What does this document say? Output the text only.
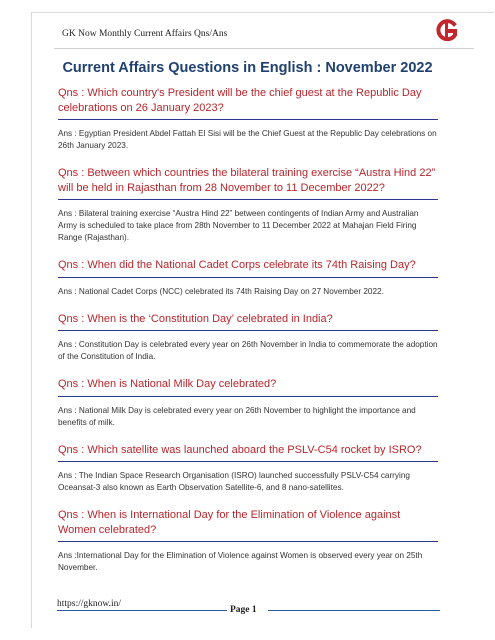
GK Now Monthly Current Affairs Qns/Ans
Current Affairs Questions in English : November 2022
Qns : Which country's President will be the chief guest at the Republic Day celebrations on 26 January 2023?
Ans : Egyptian President Abdel Fattah El Sisi will be the Chief Guest at the Republic Day celebrations on 26th January 2023.
Qns : Between which countries the bilateral training exercise “Austra Hind 22” will be held in Rajasthan from 28 November to 11 December 2022?
Ans : Bilateral training exercise “Austra Hind 22” between contingents of Indian Army and Australian Army is scheduled to take place from 28th November to 11 December 2022 at Mahajan Field Firing Range (Rajasthan).
Qns : When did the National Cadet Corps celebrate its 74th Raising Day?
Ans : National Cadet Corps (NCC) celebrated its 74th Raising Day on 27 November 2022.
Qns : When is the ‘Constitution Day’ celebrated in India?
Ans : Constitution Day is celebrated every year on 26th November in India to commemorate the adoption of the Constitution of India.
Qns : When is National Milk Day celebrated?
Ans : National Milk Day is celebrated every year on 26th November to highlight the importance and benefits of milk.
Qns : Which satellite was launched aboard the PSLV-C54 rocket by ISRO?
Ans : The Indian Space Research Organisation (ISRO) launched successfully PSLV-C54 carrying Oceansat-3 also known as Earth Observation Satellite-6, and 8 nano-satellites.
Qns : When is International Day for the Elimination of Violence against Women celebrated?
Ans :International Day for the Elimination of Violence against Women is observed every year on 25th November.
https://gknow.in/
Page 1
